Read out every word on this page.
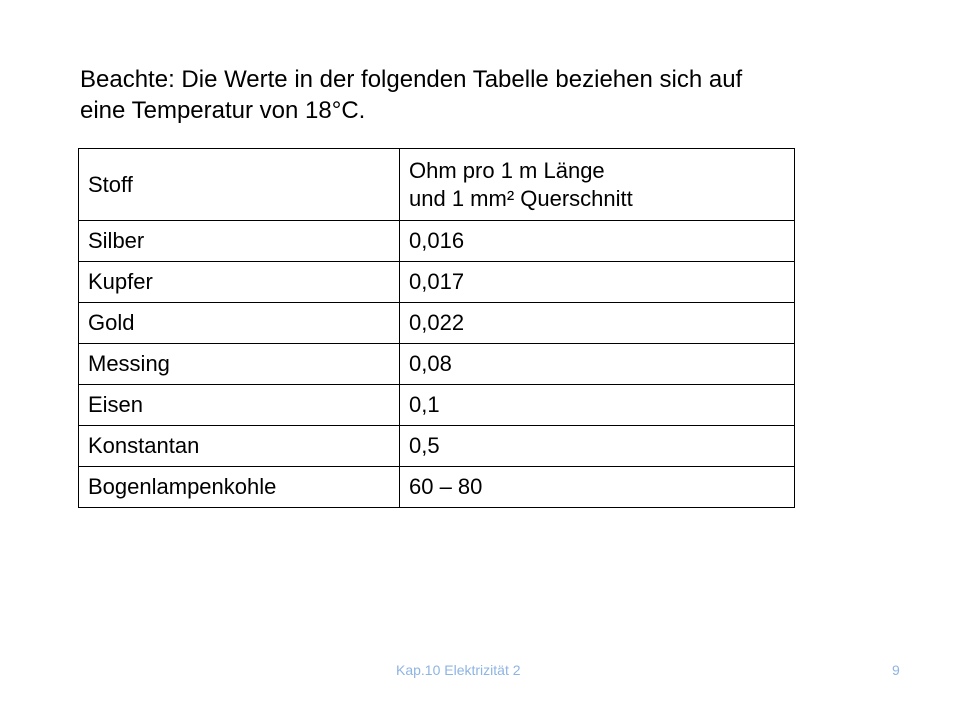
Beachte: Die Werte in der folgenden Tabelle beziehen sich auf
eine Temperatur von 18°C.
Stoff	Ohm pro 1 m Länge
und 1 mm² Querschnitt

Silber	0,016
Kupfer	0,017
Gold	0,022
Messing	0,08
Eisen	0,1
Konstantan	0,5
Bogenlampenkohle	60 – 80
Kap.10 Elektrizität 2	9
